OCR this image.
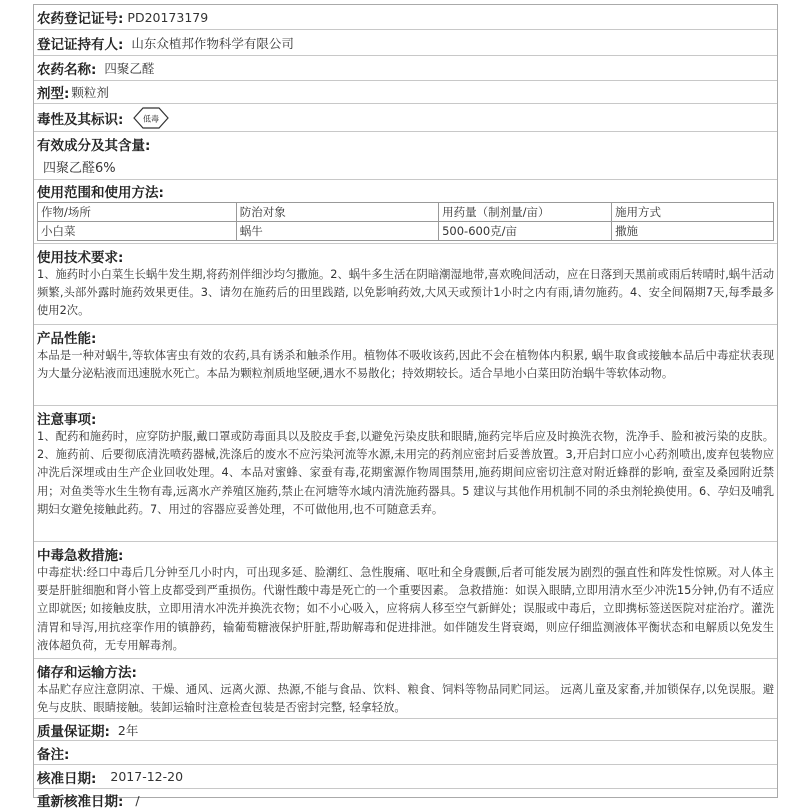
农药登记证号: PD20173179
登记证持有人: 山东众植邦作物科学有限公司
农药名称: 四聚乙醛
剂型: 颗粒剂
毒性及其标识:	低毒
有效成分及其含量:
四聚乙醛6%
使用范围和使用方法:
作物/场所	防治对象	用药量（制剂量/亩）	施用方式
小白菜	蜗牛	500-600克/亩	撒施
使用技术要求:
1、施药时小白菜生长蜗牛发生期,将药剂伴细沙均匀撒施。2、蜗牛多生活在阴暗潮湿地带,喜欢晚间活动，应在日落到天黑前或雨后转晴时,蜗牛活动频繁,头部外露时施药效果更佳。3、请勿在施药后的田里践踏, 以免影响药效,大风天或预计1小时之内有雨,请勿施药。4、安全间隔期7天,每季最多使用2次。
产品性能:
本品是一种对蜗牛,等软体害虫有效的农药,具有诱杀和触杀作用。植物体不吸收该药,因此不会在植物体内积累, 蜗牛取食或接触本品后中毒症状表现为大量分泌粘液而迅速脱水死亡。本品为颗粒剂质地坚硬,遇水不易散化；持效期较长。适合旱地小白菜田防治蜗牛等软体动物。
注意事项:
1、配药和施药时，应穿防护服,戴口罩或防毒面具以及胶皮手套,以避免污染皮肤和眼睛,施药完毕后应及时换洗衣物，洗净手、脸和被污染的皮肤。2、施药前、后要彻底清洗喷药器械,洗涤后的废水不应污染河流等水源,未用完的药剂应密封后妥善放置。3,开启封口应小心药剂喷出,废弃包装物应冲洗后深埋或由生产企业回收处理。4、本品对蜜蜂、家蚕有毒,花期蜜源作物周围禁用,施药期间应密切注意对附近蜂群的影响, 蚕室及桑园附近禁用；对鱼类等水生生物有毒,远离水产养殖区施药,禁止在河塘等水域内清洗施药器具。5 建议与其他作用机制不同的杀虫剂轮换使用。6、孕妇及哺乳期妇女避免接触此药。7、用过的容器应妥善处理，不可做他用,也不可随意丢弃。
中毒急救措施:
中毒症状:经口中毒后几分钟至几小时内，可出现多延、脸潮红、急性腹痛、呕吐和全身震颤,后者可能发展为剧烈的强直性和阵发性惊厥。对人体主要是肝脏细胞和肾小管上皮都受到严重损伤。代谢性酸中毒是死亡的一个重要因素。 急救措施：如误入眼睛,立即用清水至少冲洗15分钟,仍有不适应立即就医; 如接触皮肤，立即用清水冲洗并换洗衣物；如不小心吸入，应将病人移至空气新鲜处；误服或中毒后，立即携标签送医院对症治疗。灌洗清胃和导泻,用抗痉挛作用的镇静药，输葡萄糖液保护肝脏,帮助解毒和促进排泄。如伴随发生肾衰竭，则应仔细监测液体平衡状态和电解质以免发生液体超负荷，无专用解毒剂。
储存和运输方法:
本品贮存应注意阴凉、干燥、通风、远离火源、热源,不能与食品、饮料、粮食、饲料等物品同贮同运。 远离儿童及家畜,并加锁保存,以免误服。避免与皮肤、眼睛接触。装卸运输时注意检查包装是否密封完整, 轻拿轻放。
质量保证期: 2年
备注:
核准日期: 2017-12-20
重新核准日期: /
